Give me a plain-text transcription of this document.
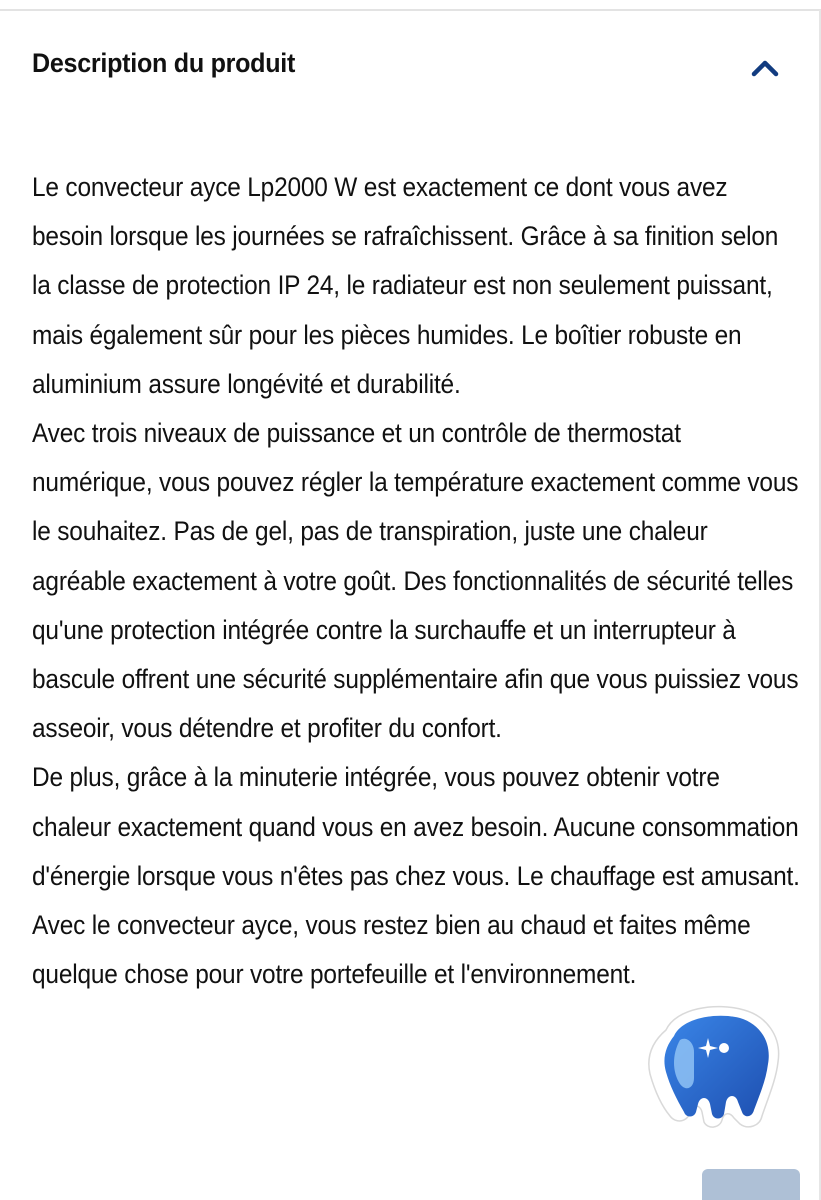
Description du produit

Le convecteur ayce Lp2000 W est exactement ce dont vous avez besoin lorsque les journées se rafraîchissent. Grâce à sa finition selon la classe de protection IP 24, le radiateur est non seulement puissant, mais également sûr pour les pièces humides. Le boîtier robuste en aluminium assure longévité et durabilité.

Avec trois niveaux de puissance et un contrôle de thermostat numérique, vous pouvez régler la température exactement comme vous le souhaitez. Pas de gel, pas de transpiration, juste une chaleur agréable exactement à votre goût. Des fonctionnalités de sécurité telles qu'une protection intégrée contre la surchauffe et un interrupteur à bascule offrent une sécurité supplémentaire afin que vous puissiez vous asseoir, vous détendre et profiter du confort.

De plus, grâce à la minuterie intégrée, vous pouvez obtenir votre chaleur exactement quand vous en avez besoin. Aucune consommation d'énergie lorsque vous n'êtes pas chez vous. Le chauffage est amusant. Avec le convecteur ayce, vous restez bien au chaud et faites même quelque chose pour votre portefeuille et l'environnement.
